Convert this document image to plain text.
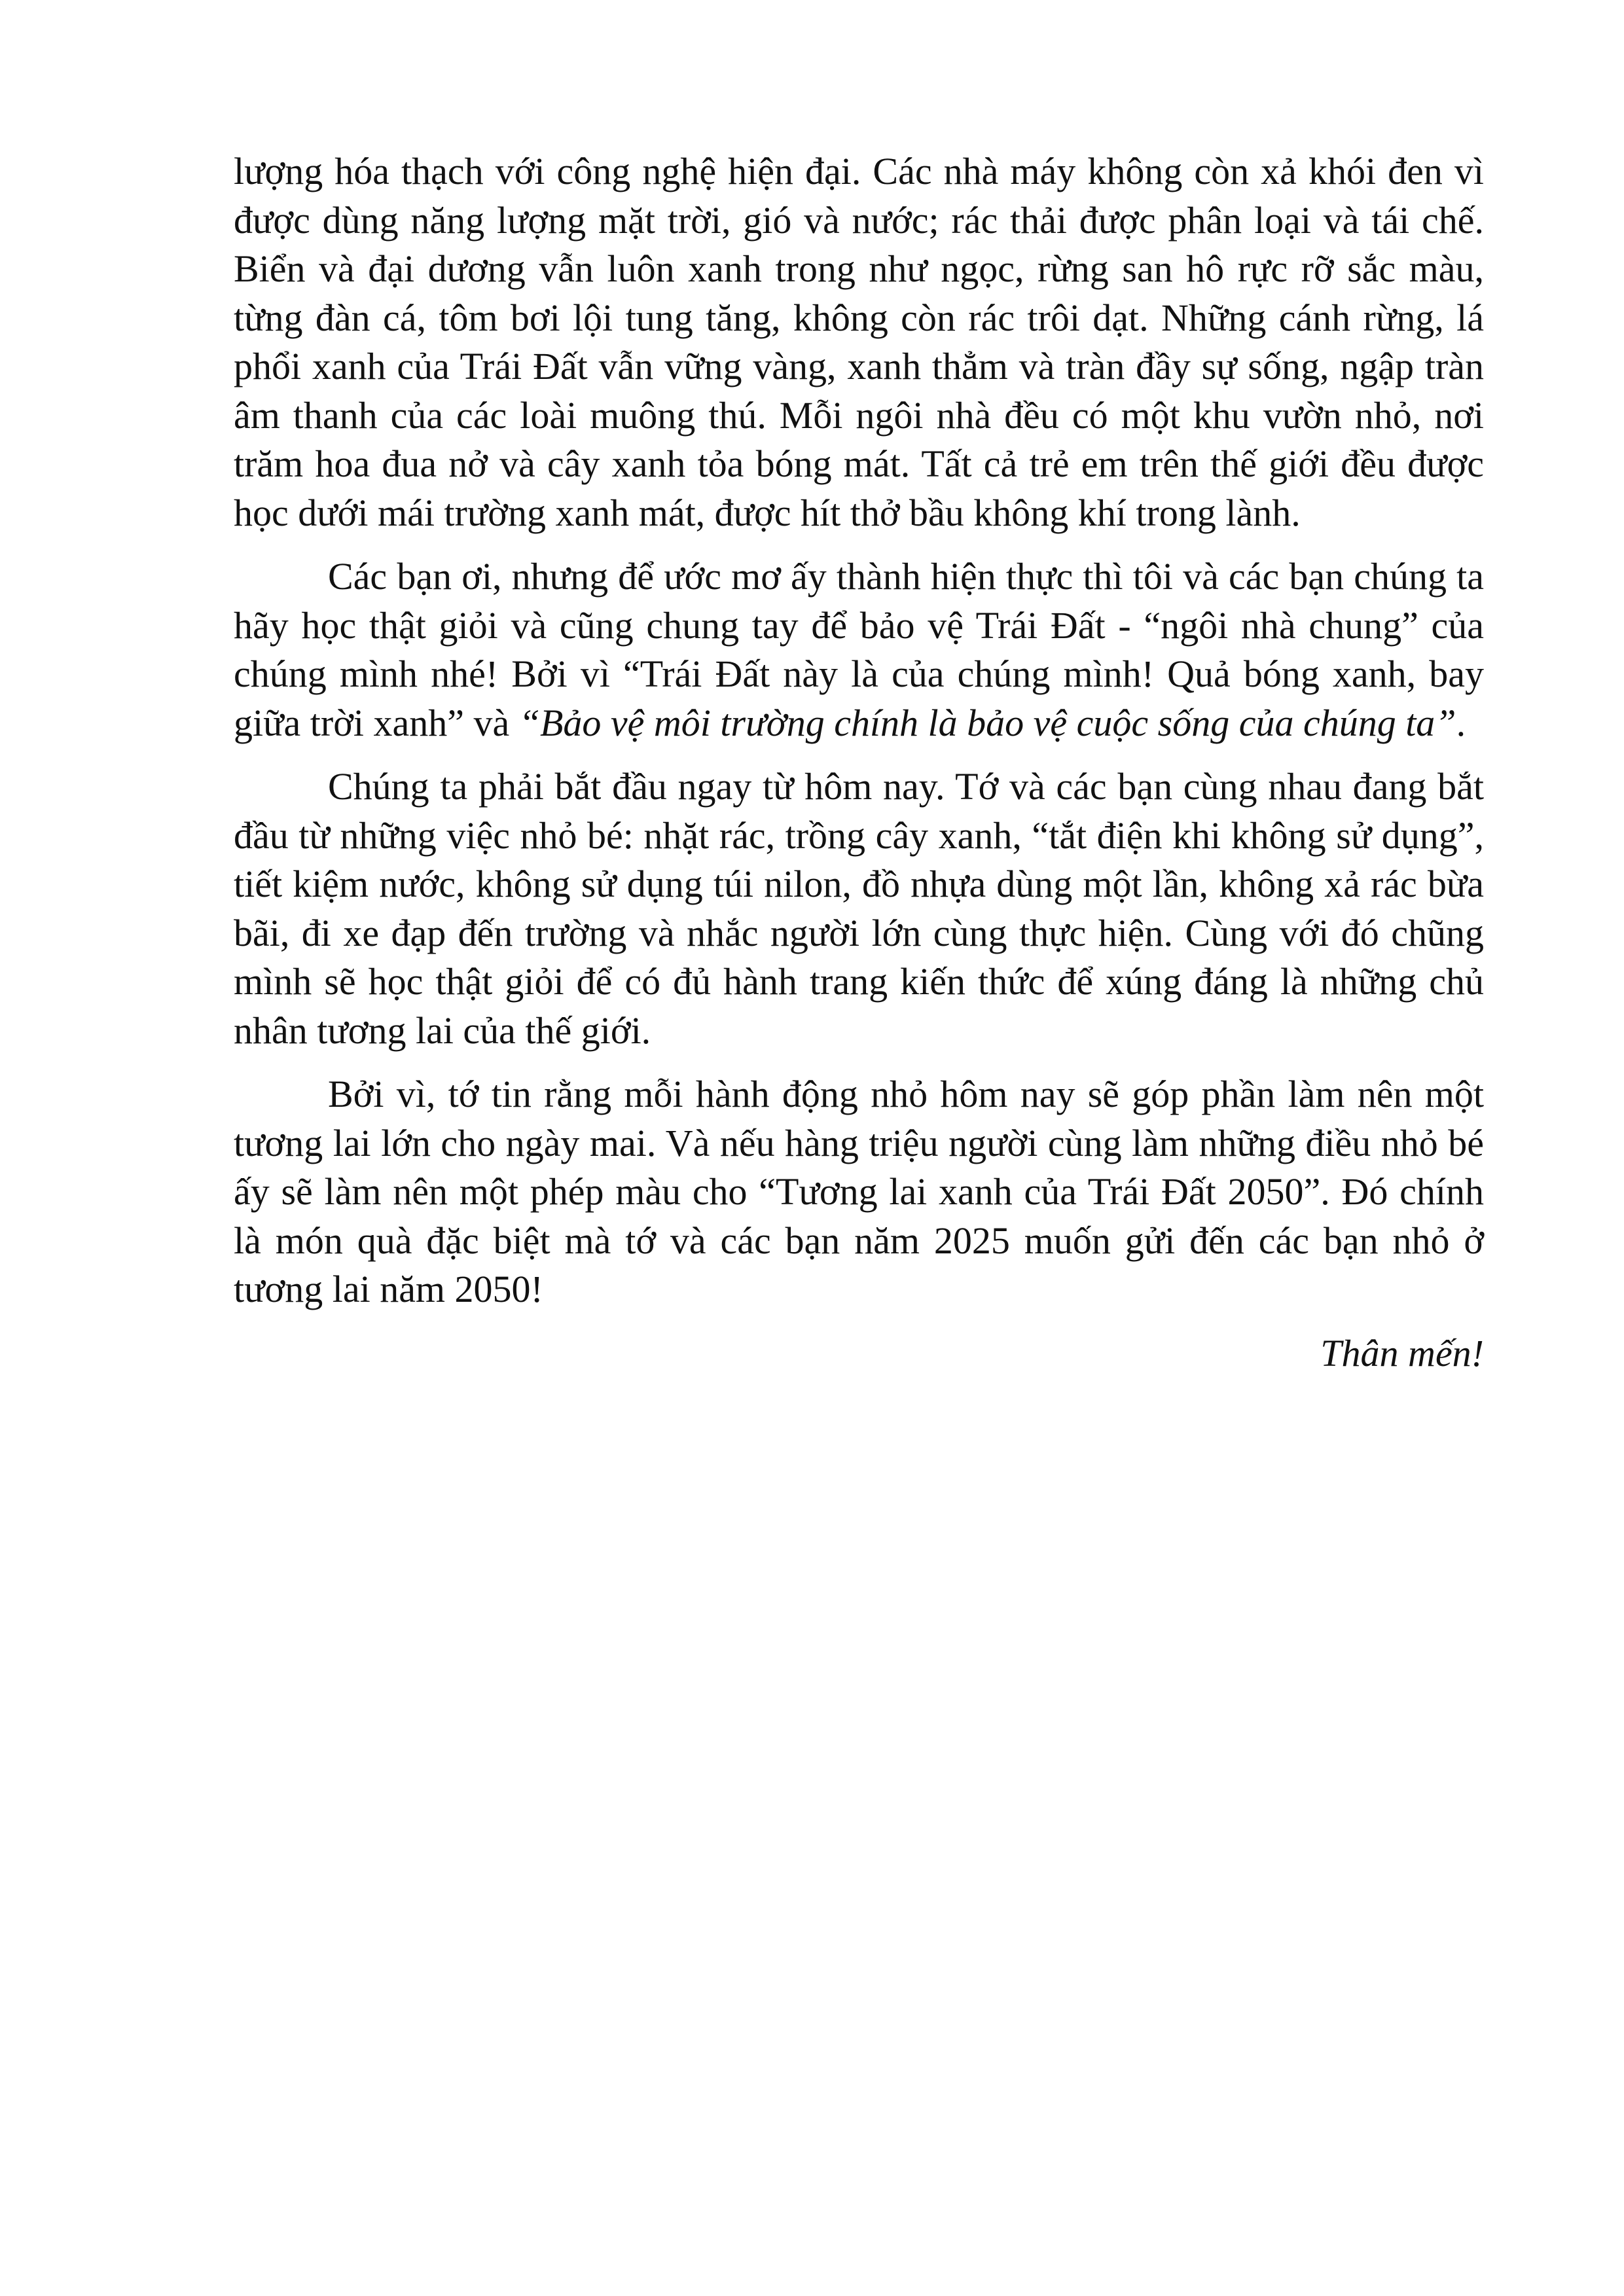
lượng hóa thạch với công nghệ hiện đại. Các nhà máy không còn xả khói đen vì được dùng năng lượng mặt trời, gió và nước; rác thải được phân loại và tái chế. Biển và đại dương vẫn luôn xanh trong như ngọc, rừng san hô rực rỡ sắc màu, từng đàn cá, tôm bơi lội tung tăng, không còn rác trôi dạt. Những cánh rừng, lá phổi xanh của Trái Đất vẫn vững vàng, xanh thẳm và tràn đầy sự sống, ngập tràn âm thanh của các loài muông thú. Mỗi ngôi nhà đều có một khu vườn nhỏ, nơi trăm hoa đua nở và cây xanh tỏa bóng mát. Tất cả trẻ em trên thế giới đều được học dưới mái trường xanh mát, được hít thở bầu không khí trong lành.

Các bạn ơi, nhưng để ước mơ ấy thành hiện thực thì tôi và các bạn chúng ta hãy học thật giỏi và cũng chung tay để bảo vệ Trái Đất - “ngôi nhà chung” của chúng mình nhé! Bởi vì “Trái Đất này là của chúng mình! Quả bóng xanh, bay giữa trời xanh” và “Bảo vệ môi trường chính là bảo vệ cuộc sống của chúng ta”.

Chúng ta phải bắt đầu ngay từ hôm nay. Tớ và các bạn cùng nhau đang bắt đầu từ những việc nhỏ bé: nhặt rác, trồng cây xanh, “tắt điện khi không sử dụng”, tiết kiệm nước, không sử dụng túi nilon, đồ nhựa dùng một lần, không xả rác bừa bãi, đi xe đạp đến trường và nhắc người lớn cùng thực hiện. Cùng với đó chũng mình sẽ học thật giỏi để có đủ hành trang kiến thức để xúng đáng là những chủ nhân tương lai của thế giới.

Bởi vì, tớ tin rằng mỗi hành động nhỏ hôm nay sẽ góp phần làm nên một tương lai lớn cho ngày mai. Và nếu hàng triệu người cùng làm những điều nhỏ bé ấy sẽ làm nên một phép màu cho “Tương lai xanh của Trái Đất 2050”. Đó chính là món quà đặc biệt mà tớ và các bạn năm 2025 muốn gửi đến các bạn nhỏ ở tương lai năm 2050!

Thân mến!
